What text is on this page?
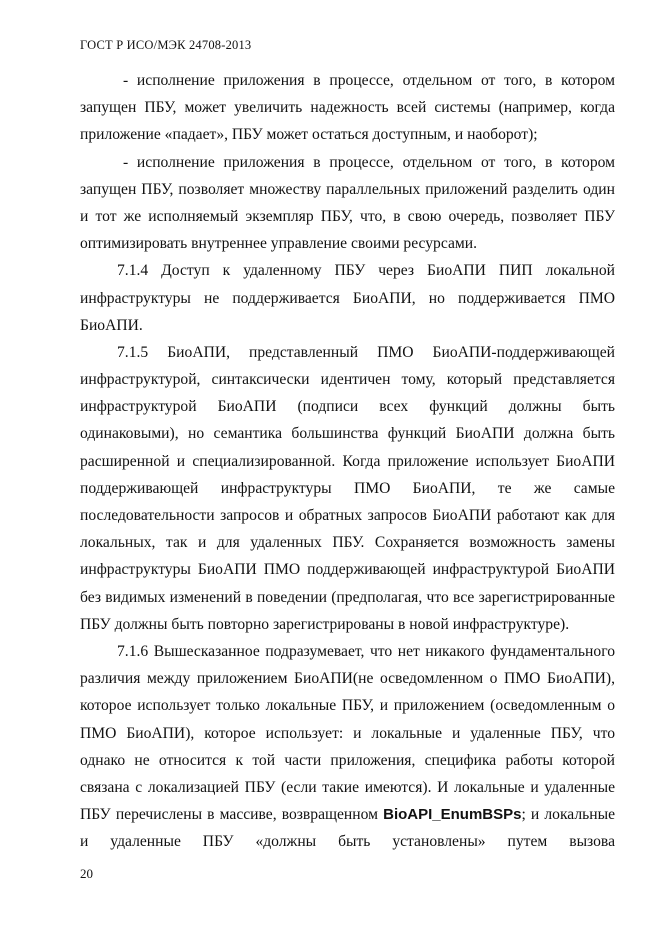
ГОСТ Р ИСО/МЭК 24708-2013
- исполнение приложения в процессе, отдельном от того, в котором
запущен ПБУ, может увеличить надежность всей системы (например, когда
приложение «падает», ПБУ может остаться доступным, и наоборот);
- исполнение приложения в процессе, отдельном от того, в котором
запущен ПБУ, позволяет множеству параллельных приложений разделить один
и тот же исполняемый экземпляр ПБУ, что, в свою очередь, позволяет ПБУ
оптимизировать внутреннее управление своими ресурсами.
7.1.4 Доступ к удаленному ПБУ через БиоАПИ ПИП локальной
инфраструктуры не поддерживается БиоАПИ, но поддерживается ПМО
БиоАПИ.
7.1.5 БиоАПИ, представленный ПМО БиоАПИ-поддерживающей
инфраструктурой, синтаксически идентичен тому, который представляется
инфраструктурой БиоАПИ (подписи всех функций должны быть
одинаковыми), но семантика большинства функций БиоАПИ должна быть
расширенной и специализированной. Когда приложение использует БиоАПИ
поддерживающей инфраструктуры ПМО БиоАПИ, те же самые
последовательности запросов и обратных запросов БиоАПИ работают как для
локальных, так и для удаленных ПБУ. Сохраняется возможность замены
инфраструктуры БиоАПИ ПМО поддерживающей инфраструктурой БиоАПИ
без видимых изменений в поведении (предполагая, что все зарегистрированные
ПБУ должны быть повторно зарегистрированы в новой инфраструктуре).
7.1.6 Вышесказанное подразумевает, что нет никакого фундаментального
различия между приложением БиоАПИ(не осведомленном о ПМО БиоАПИ),
которое использует только локальные ПБУ, и приложением (осведомленным о
ПМО БиоАПИ), которое использует: и локальные и удаленные ПБУ, что
однако не относится к той части приложения, специфика работы которой
связана с локализацией ПБУ (если такие имеются). И локальные и удаленные
ПБУ перечислены в массиве, возвращенном BioAPI_EnumBSPs; и локальные
и удаленные ПБУ «должны быть установлены» путем вызова
20
